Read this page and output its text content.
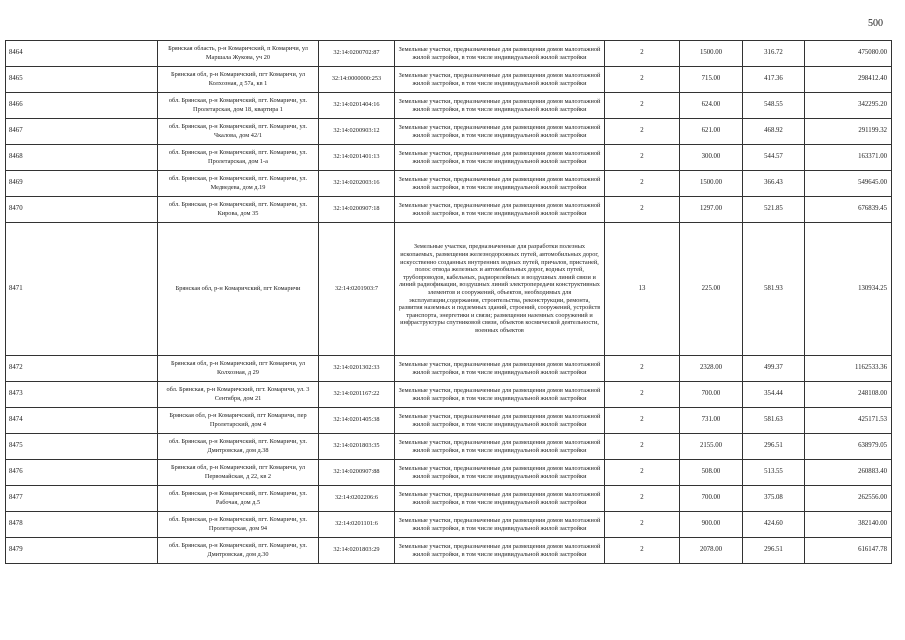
500
8464	Брянская область, р-н Комаричский, п Комаричи, ул Маршала Жукова, уч 20	32:14:0200702:87	Земельные участки, предназначенные для размещения домов малоэтажной жилой застройки, в том числе индивидуальной жилой застройки	2	1500.00	316.72	475080.00
8465	Брянская обл, р-н Комаричский, пгт Комаричи, ул Колхозная, д 57а, кв 1	32:14:0000000:253	Земельные участки, предназначенные для размещения домов малоэтажной жилой застройки, в том числе индивидуальной жилой застройки	2	715.00	417.36	298412.40
8466	обл. Брянская, р-н Комаричский, пгт. Комаричи, ул. Пролетарская, дом 18, квартира 1	32:14:0201404:16	Земельные участки, предназначенные для размещения домов малоэтажной жилой застройки, в том числе индивидуальной жилой застройки	2	624.00	548.55	342295.20
8467	обл. Брянская, р-н Комаричский, пгт. Комаричи, ул. Чкалова, дом 42/1	32:14:0200903:12	Земельные участки, предназначенные для размещения домов малоэтажной жилой застройки, в том числе индивидуальной жилой застройки	2	621.00	468.92	291199.32
8468	обл. Брянская, р-н Комаричский, пгт. Комаричи, ул. Пролетарская, дом 1-а	32:14:0201401:13	Земельные участки, предназначенные для размещения домов малоэтажной жилой застройки, в том числе индивидуальной жилой застройки	2	300.00	544.57	163371.00
8469	обл. Брянская, р-н Комаричский, пгт. Комаричи, ул. Медведева, дом д.19	32:14:0202003:16	Земельные участки, предназначенные для размещения домов малоэтажной жилой застройки, в том числе индивидуальной жилой застройки	2	1500.00	366.43	549645.00
8470	обл. Брянская, р-н Комаричский, пгт. Комаричи, ул. Кирова, дом 35	32:14:0200907:18	Земельные участки, предназначенные для размещения домов малоэтажной жилой застройки, в том числе индивидуальной жилой застройки	2	1297.00	521.85	676839.45
8471	Брянская обл, р-н Комаричский, пгт Комаричи	32:14:0201903:7	Земельные участки, предназначенные для разработки полезных ископаемых, размещения железнодорожных путей, автомобильных дорог, искусственно созданных внутренних водных путей, причалов, пристаней, полос отвода железных и автомобильных дорог, водных путей, трубопроводов, кабельных, радиорелейных и воздушных линий связи и линий радиофикации, воздушных линий электропередачи конструктивных элементов и сооружений, объектов, необходимых для эксплуатации,содержания, строительства, реконструкции, ремонта, развития наземных и подземных зданий, строений, сооружений, устройств транспорта, энергетики и связи; размещения наземных сооружений и инфраструктуры спутниковой связи, объектов космической деятельности, военных объектов	13	225.00	581.93	130934.25
8472	Брянская обл, р-н Комаричский, пгт Комаричи, ул Колхозная, д 29	32:14:0201302:33	Земельные участки, предназначенные для размещения домов малоэтажной жилой застройки, в том числе индивидуальной жилой застройки	2	2328.00	499.37	1162533.36
8473	обл. Брянская, р-н Комаричский, пгт. Комаричи, ул. 3 Сентября, дом 21	32:14:0201167:22	Земельные участки, предназначенные для размещения домов малоэтажной жилой застройки, в том числе индивидуальной жилой застройки	2	700.00	354.44	248108.00
8474	Брянская обл, р-н Комаричский, пгт Комаричи, пер Пролетарский, дом 4	32:14:0201405:38	Земельные участки, предназначенные для размещения домов малоэтажной жилой застройки, в том числе индивидуальной жилой застройки	2	731.00	581.63	425171.53
8475	обл. Брянская, р-н Комаричский, пгт. Комаричи, ул. Дмитровская, дом д.38	32:14:0201803:35	Земельные участки, предназначенные для размещения домов малоэтажной жилой застройки, в том числе индивидуальной жилой застройки	2	2155.00	296.51	638979.05
8476	Брянская обл, р-н Комаричский, пгт Комаричи, ул Первомайская, д 22, кв 2	32:14:0200907:88	Земельные участки, предназначенные для размещения домов малоэтажной жилой застройки, в том числе индивидуальной жилой застройки	2	508.00	513.55	260883.40
8477	обл. Брянская, р-н Комаричский, пгт. Комаричи, ул. Рабочая, дом д.5	32:14:0202206:6	Земельные участки, предназначенные для размещения домов малоэтажной жилой застройки, в том числе индивидуальной жилой застройки	2	700.00	375.08	262556.00
8478	обл. Брянская, р-н Комаричский, пгт. Комаричи, ул. Пролетарская, дом 94	32:14:0201101:6	Земельные участки, предназначенные для размещения домов малоэтажной жилой застройки, в том числе индивидуальной жилой застройки	2	900.00	424.60	382140.00
8479	обл. Брянская, р-н Комаричский, пгт. Комаричи, ул. Дмитровская, дом д.30	32:14:0201803:29	Земельные участки, предназначенные для размещения домов малоэтажной жилой застройки, в том числе индивидуальной жилой застройки	2	2078.00	296.51	616147.78
